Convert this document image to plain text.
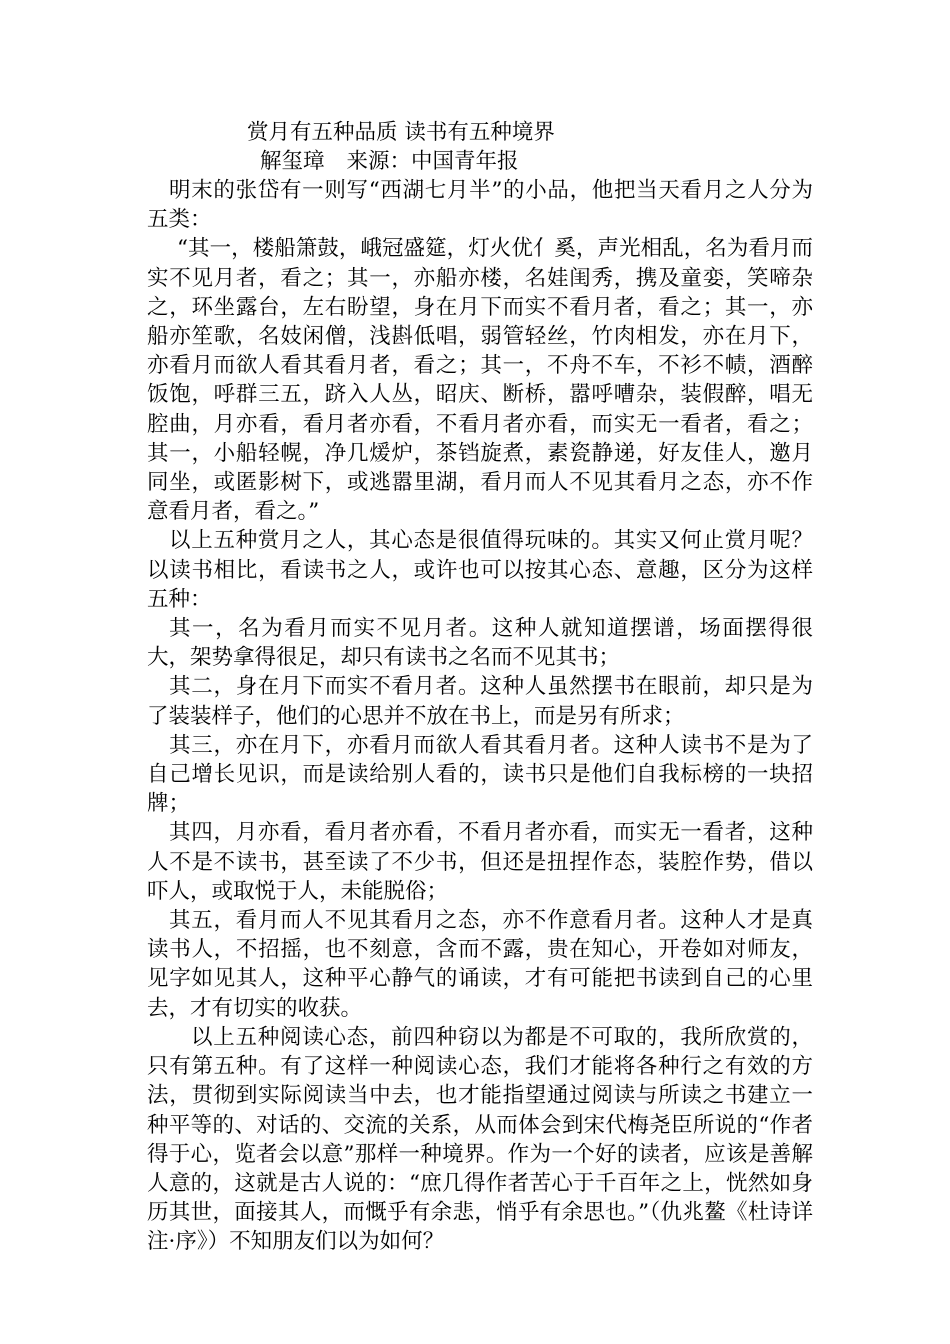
赏月有五种品质 读书有五种境界
解玺璋 来源：中国青年报

明末的张岱有一则写“西湖七月半”的小品，他把当天看月之人分为五类：

“其一，楼船箫鼓，峨冠盛筵，灯火优亻奚，声光相乱，名为看月而实不见月者，看之；其一，亦船亦楼，名娃闺秀，携及童娈，笑啼杂之，环坐露台，左右盼望，身在月下而实不看月者，看之；其一，亦船亦笙歌，名妓闲僧，浅斟低唱，弱管轻丝，竹肉相发，亦在月下，亦看月而欲人看其看月者，看之；其一，不舟不车，不衫不帻，酒醉饭饱，呼群三五，跻入人丛，昭庆、断桥，嚣呼嘈杂，装假醉，唱无腔曲，月亦看，看月者亦看，不看月者亦看，而实无一看者，看之；其一，小船轻幌，净几煖炉，茶铛旋煮，素瓷静递，好友佳人，邀月同坐，或匿影树下，或逃嚣里湖，看月而人不见其看月之态，亦不作意看月者，看之。”

以上五种赏月之人，其心态是很值得玩味的。其实又何止赏月呢？以读书相比，看读书之人，或许也可以按其心态、意趣，区分为这样五种：

其一，名为看月而实不见月者。这种人就知道摆谱，场面摆得很大，架势拿得很足，却只有读书之名而不见其书；

其二，身在月下而实不看月者。这种人虽然摆书在眼前，却只是为了装装样子，他们的心思并不放在书上，而是另有所求；

其三，亦在月下，亦看月而欲人看其看月者。这种人读书不是为了自己增长见识，而是读给别人看的，读书只是他们自我标榜的一块招牌；

其四，月亦看，看月者亦看，不看月者亦看，而实无一看者，这种人不是不读书，甚至读了不少书，但还是扭捏作态，装腔作势，借以吓人，或取悦于人，未能脱俗；

其五，看月而人不见其看月之态，亦不作意看月者。这种人才是真读书人，不招摇，也不刻意，含而不露，贵在知心，开卷如对师友，见字如见其人，这种平心静气的诵读，才有可能把书读到自己的心里去，才有切实的收获。

以上五种阅读心态，前四种窃以为都是不可取的，我所欣赏的，只有第五种。有了这样一种阅读心态，我们才能将各种行之有效的方法，贯彻到实际阅读当中去，也才能指望通过阅读与所读之书建立一种平等的、对话的、交流的关系，从而体会到宋代梅尧臣所说的“作者得于心，览者会以意”那样一种境界。作为一个好的读者，应该是善解人意的，这就是古人说的：“庶几得作者苦心于千百年之上，恍然如身历其世，面接其人，而慨乎有余悲，悄乎有余思也。”（仇兆鳌《杜诗详注·序》）不知朋友们以为如何？
